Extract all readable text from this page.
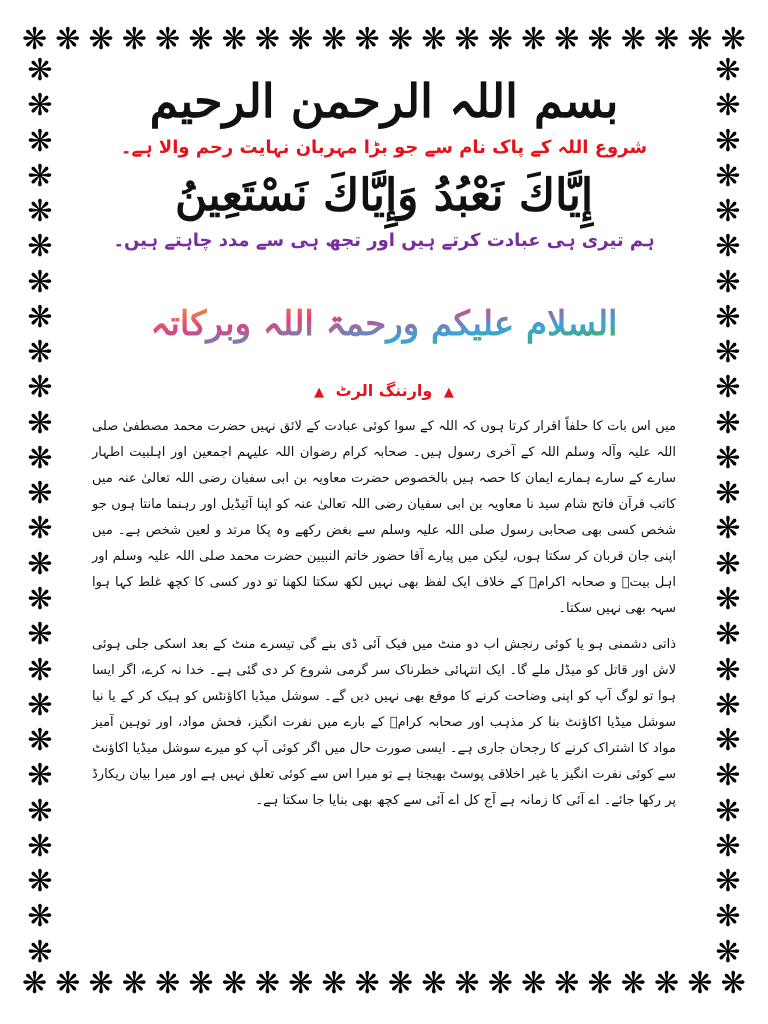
❋ ❋ ❋ ❋ ❋ ❋ ❋ ❋ ❋ ❋ ❋ ❋ ❋ ❋ ❋ ❋ ❋ ❋ ❋ ❋ ❋ ❋
❋ ❋ ❋ ❋ ❋ ❋ ❋ ❋ ❋ ❋ ❋ ❋ ❋ ❋ ❋ ❋ ❋ ❋ ❋ ❋ ❋ ❋
❋
❋
❋
❋
❋
❋
❋
❋
❋
❋
❋
❋
❋
❋
❋
❋
❋
❋
❋
❋
❋
❋
❋
❋
❋
❋
❋
❋
❋
❋
❋
❋
❋
❋
❋
❋
❋
❋
❋
❋
❋
❋
❋
❋
❋
❋
❋
❋
❋
❋
❋
❋
بسم اللہ الرحمن الرحیم
شروع اللہ کے پاک نام سے جو بڑا مہربان نہایت رحم والا ہے۔
إِيَّاكَ نَعْبُدُ وَإِيَّاكَ نَسْتَعِينُ
ہم تیری ہی عبادت کرتے ہیں اور تجھ ہی سے مدد چاہتے ہیں۔
السلام علیکم ورحمۃ اللہ وبرکاتہ
▲ وارننگ الرٹ ▲

میں اس بات کا حلفاً اقرار کرتا ہوں کہ اللہ کے سوا کوئی عبادت کے لائق نہیں حضرت محمد مصطفیٰ صلی اللہ علیہ وآلہ وسلم اللہ کے آخری رسول ہیں۔ صحابہ کرام رضوان اللہ علیہم اجمعین اور اہلبیت اطہار سارے کے سارے ہمارے ایمان کا حصہ ہیں بالخصوص حضرت معاویہ بن ابی سفیان رضی اللہ تعالیٰ عنہ میں کاتب قرآن فاتح شام سید نا معاویہ بن ابی سفیان رضی اللہ تعالیٰ عنہ کو اپنا آئیڈیل اور رہنما مانتا ہوں جو شخص کسی بھی صحابی رسول صلی اللہ علیہ وسلم سے بغض رکھے وہ پکا مرتد و لعین شخص ہے۔ میں اپنی جان قربان کر سکتا ہوں، لیکن میں پیارے آقا حضور خاتم النبیین حضرت محمد صلی اللہ علیہ وسلم اور اہل بیتؓ و صحابہ اکرامؓ کے خلاف ایک لفظ بھی نہیں لکھ سکتا لکھنا تو دور کسی کا کچھ غلط کہا ہوا سہہ بھی نہیں سکتا۔

ذاتی دشمنی ہو یا کوئی رنجش اب دو منٹ میں فیک آئی ڈی بنے گی تیسرے منٹ کے بعد اسکی جلی ہوئی لاش اور قاتل کو میڈل ملے گا۔ ایک انتہائی خطرناک سر گرمی شروع کر دی گئی ہے۔ خدا نہ کرے، اگر ایسا ہوا تو لوگ آپ کو اپنی وضاحت کرنے کا موقع بھی نہیں دیں گے۔ سوشل میڈیا اکاؤنٹس کو ہیک کر کے یا نیا سوشل میڈیا اکاؤنٹ بنا کر مذہب اور صحابہ کرامؓ کے بارے میں نفرت انگیز، فحش مواد، اور توہین آمیز مواد کا اشتراک کرنے کا رجحان جاری ہے۔ ایسی صورت حال میں اگر کوئی آپ کو میرے سوشل میڈیا اکاؤنٹ سے کوئی نفرت انگیز یا غیر اخلاقی پوسٹ بھیجتا ہے تو میرا اس سے کوئی تعلق نہیں ہے اور میرا بیان ریکارڈ پر رکھا جائے۔ اے آئی کا زمانہ ہے آج کل اے آئی سے کچھ بھی بنایا جا سکتا ہے۔
